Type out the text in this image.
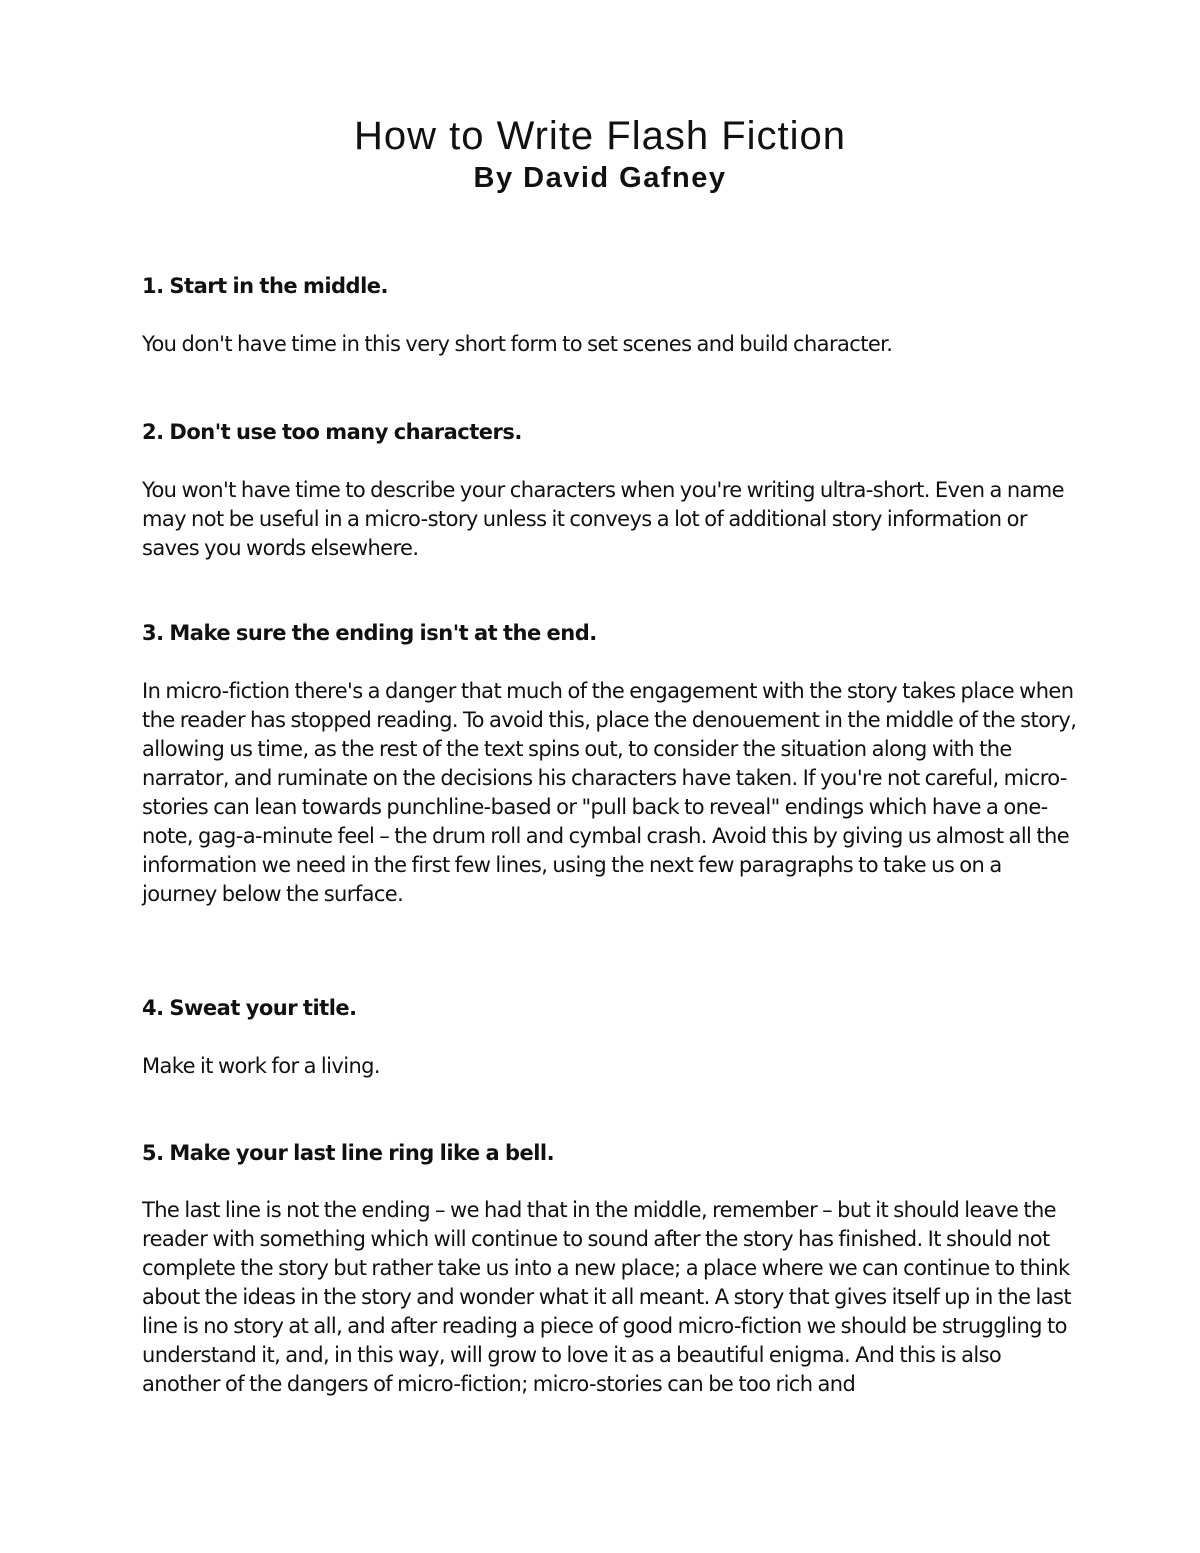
How to Write Flash Fiction
By David Gafney

1. Start in the middle.

You don't have time in this very short form to set scenes and build character.

2. Don't use too many characters.

You won't have time to describe your characters when you're writing ultra-short. Even a name may not be useful in a micro-story unless it conveys a lot of additional story information or saves you words elsewhere.

3. Make sure the ending isn't at the end.

In micro-fiction there's a danger that much of the engagement with the story takes place when the reader has stopped reading. To avoid this, place the denouement in the middle of the story, allowing us time, as the rest of the text spins out, to consider the situation along with the narrator, and ruminate on the decisions his characters have taken. If you're not careful, micro-stories can lean towards punchline-based or "pull back to reveal" endings which have a one-note, gag-a-minute feel – the drum roll and cymbal crash. Avoid this by giving us almost all the information we need in the first few lines, using the next few paragraphs to take us on a journey below the surface.

4. Sweat your title.

Make it work for a living.

5. Make your last line ring like a bell.

The last line is not the ending – we had that in the middle, remember – but it should leave the reader with something which will continue to sound after the story has finished. It should not complete the story but rather take us into a new place; a place where we can continue to think about the ideas in the story and wonder what it all meant. A story that gives itself up in the last line is no story at all, and after reading a piece of good micro-fiction we should be struggling to understand it, and, in this way, will grow to love it as a beautiful enigma. And this is also another of the dangers of micro-fiction; micro-stories can be too rich and
